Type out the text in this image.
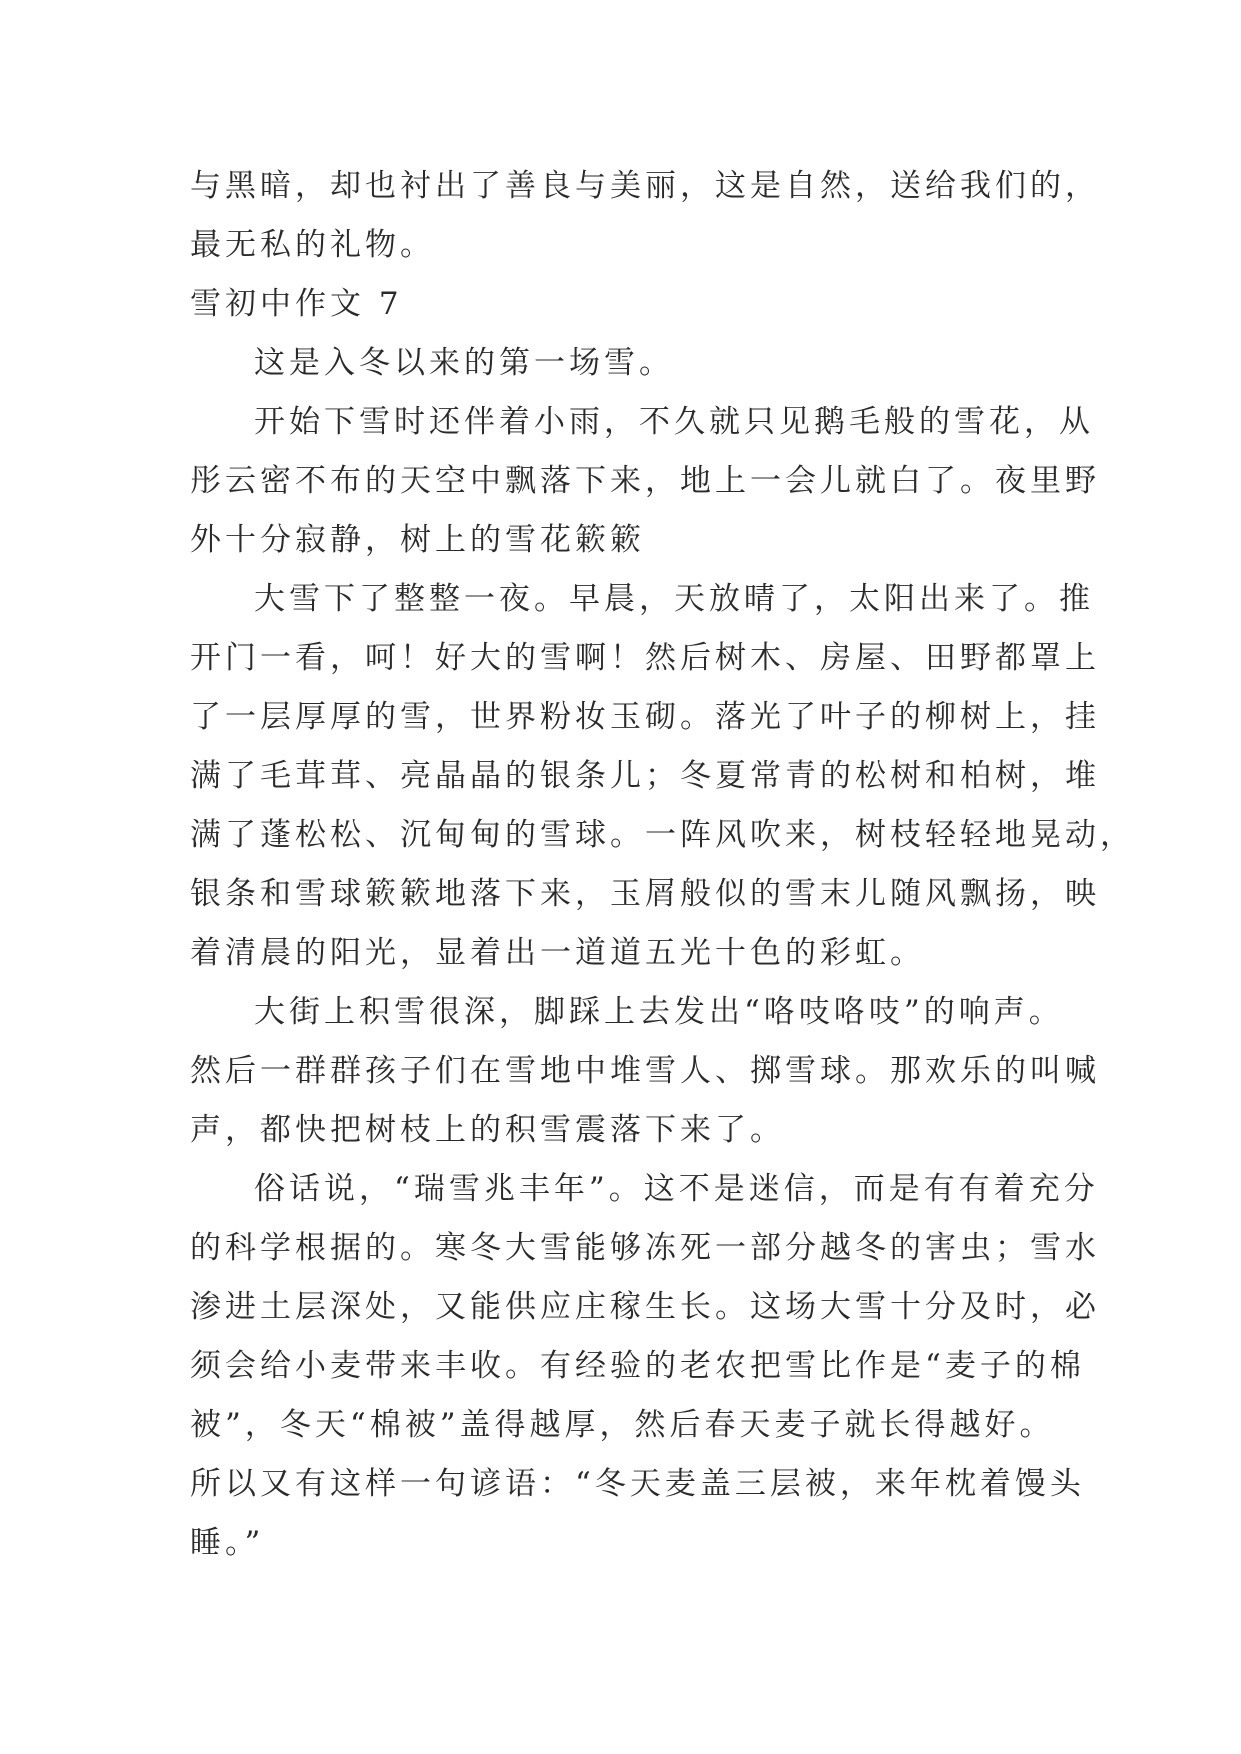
与黑暗，却也衬出了善良与美丽，这是自然，送给我们的，

最无私的礼物。

雪初中作文 7

这是入冬以来的第一场雪。

开始下雪时还伴着小雨，不久就只见鹅毛般的雪花，从

彤云密不布的天空中飘落下来，地上一会儿就白了。夜里野

外十分寂静，树上的雪花簌簌

大雪下了整整一夜。早晨，天放晴了，太阳出来了。推

开门一看，呵！好大的雪啊！然后树木、房屋、田野都罩上

了一层厚厚的雪，世界粉妆玉砌。落光了叶子的柳树上，挂

满了毛茸茸、亮晶晶的银条儿；冬夏常青的松树和柏树，堆

满了蓬松松、沉甸甸的雪球。一阵风吹来，树枝轻轻地晃动，

银条和雪球簌簌地落下来，玉屑般似的雪末儿随风飘扬，映

着清晨的阳光，显着出一道道五光十色的彩虹。

大街上积雪很深，脚踩上去发出“咯吱咯吱”的响声。

然后一群群孩子们在雪地中堆雪人、掷雪球。那欢乐的叫喊

声，都快把树枝上的积雪震落下来了。

俗话说，“瑞雪兆丰年”。这不是迷信，而是有有着充分

的科学根据的。寒冬大雪能够冻死一部分越冬的害虫；雪水

渗进土层深处，又能供应庄稼生长。这场大雪十分及时，必

须会给小麦带来丰收。有经验的老农把雪比作是“麦子的棉

被”，冬天“棉被”盖得越厚，然后春天麦子就长得越好。

所以又有这样一句谚语：“冬天麦盖三层被，来年枕着馒头

睡。”
